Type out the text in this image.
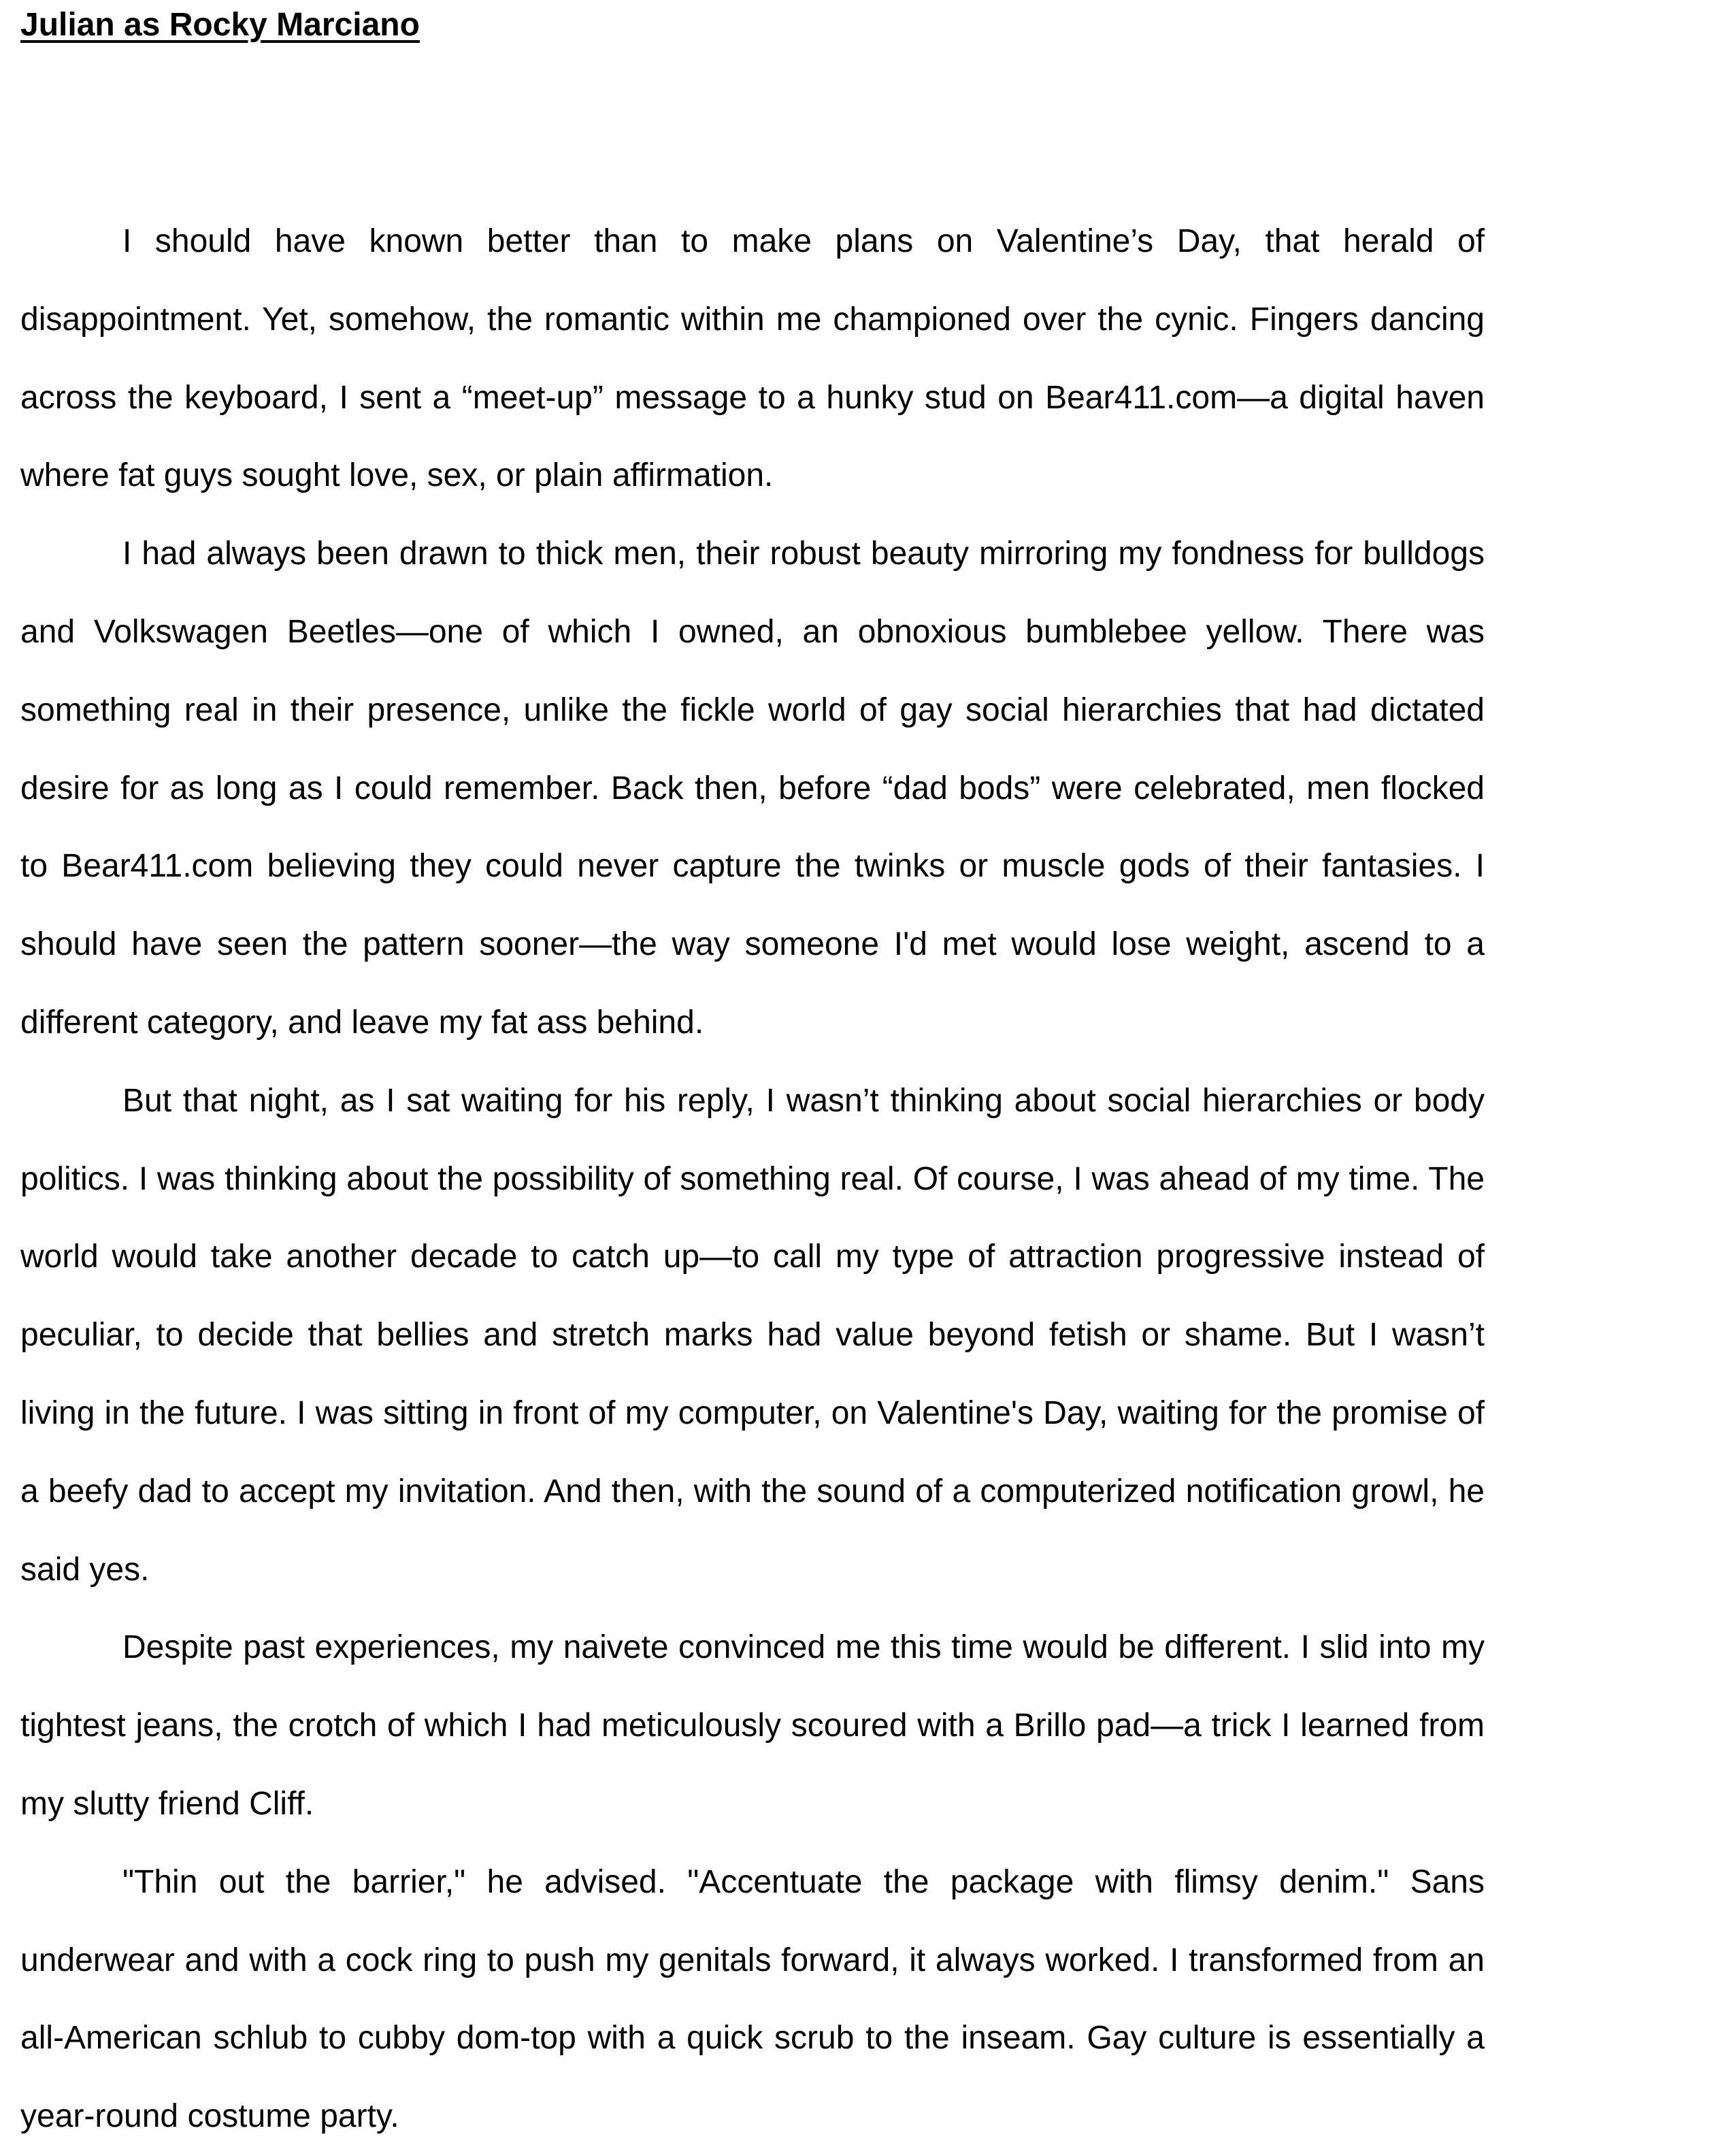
Julian as Rocky Marciano

I should have known better than to make plans on Valentine’s Day, that herald of disappointment. Yet, somehow, the romantic within me championed over the cynic. Fingers dancing across the keyboard, I sent a “meet-up” message to a hunky stud on Bear411.com—a digital haven where fat guys sought love, sex, or plain affirmation.

I had always been drawn to thick men, their robust beauty mirroring my fondness for bulldogs and Volkswagen Beetles—one of which I owned, an obnoxious bumblebee yellow. There was something real in their presence, unlike the fickle world of gay social hierarchies that had dictated desire for as long as I could remember. Back then, before “dad bods” were celebrated, men flocked to Bear411.com believing they could never capture the twinks or muscle gods of their fantasies. I should have seen the pattern sooner—the way someone I'd met would lose weight, ascend to a different category, and leave my fat ass behind.

But that night, as I sat waiting for his reply, I wasn’t thinking about social hierarchies or body politics. I was thinking about the possibility of something real. Of course, I was ahead of my time. The world would take another decade to catch up—to call my type of attraction progressive instead of peculiar, to decide that bellies and stretch marks had value beyond fetish or shame. But I wasn’t living in the future. I was sitting in front of my computer, on Valentine's Day, waiting for the promise of a beefy dad to accept my invitation. And then, with the sound of a computerized notification growl, he said yes.

Despite past experiences, my naivete convinced me this time would be different. I slid into my tightest jeans, the crotch of which I had meticulously scoured with a Brillo pad—a trick I learned from my slutty friend Cliff.

"Thin out the barrier," he advised. "Accentuate the package with flimsy denim." Sans underwear and with a cock ring to push my genitals forward, it always worked. I transformed from an all-American schlub to cubby dom-top with a quick scrub to the inseam. Gay culture is essentially a year-round costume party.
